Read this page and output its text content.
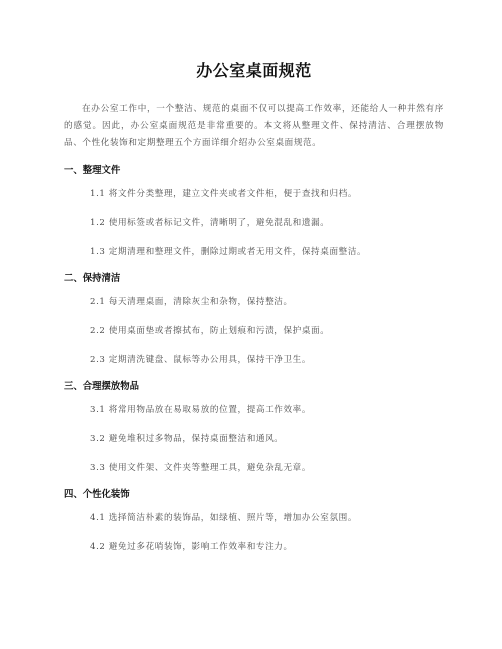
办公室桌面规范

在办公室工作中，一个整洁、规范的桌面不仅可以提高工作效率，还能给人一种井然有序的感觉。因此，办公室桌面规范是非常重要的。本文将从整理文件、保持清洁、合理摆放物品、个性化装饰和定期整理五个方面详细介绍办公室桌面规范。

一、整理文件

1.1 将文件分类整理，建立文件夹或者文件柜，便于查找和归档。

1.2 使用标签或者标记文件，清晰明了，避免混乱和遗漏。

1.3 定期清理和整理文件，删除过期或者无用文件，保持桌面整洁。

二、保持清洁

2.1 每天清理桌面，清除灰尘和杂物，保持整洁。

2.2 使用桌面垫或者擦拭布，防止划痕和污渍，保护桌面。

2.3 定期清洗键盘、鼠标等办公用具，保持干净卫生。

三、合理摆放物品

3.1 将常用物品放在易取易放的位置，提高工作效率。

3.2 避免堆积过多物品，保持桌面整洁和通风。

3.3 使用文件架、文件夹等整理工具，避免杂乱无章。

四、个性化装饰

4.1 选择简洁朴素的装饰品，如绿植、照片等，增加办公室氛围。

4.2 避免过多花哨装饰，影响工作效率和专注力。
